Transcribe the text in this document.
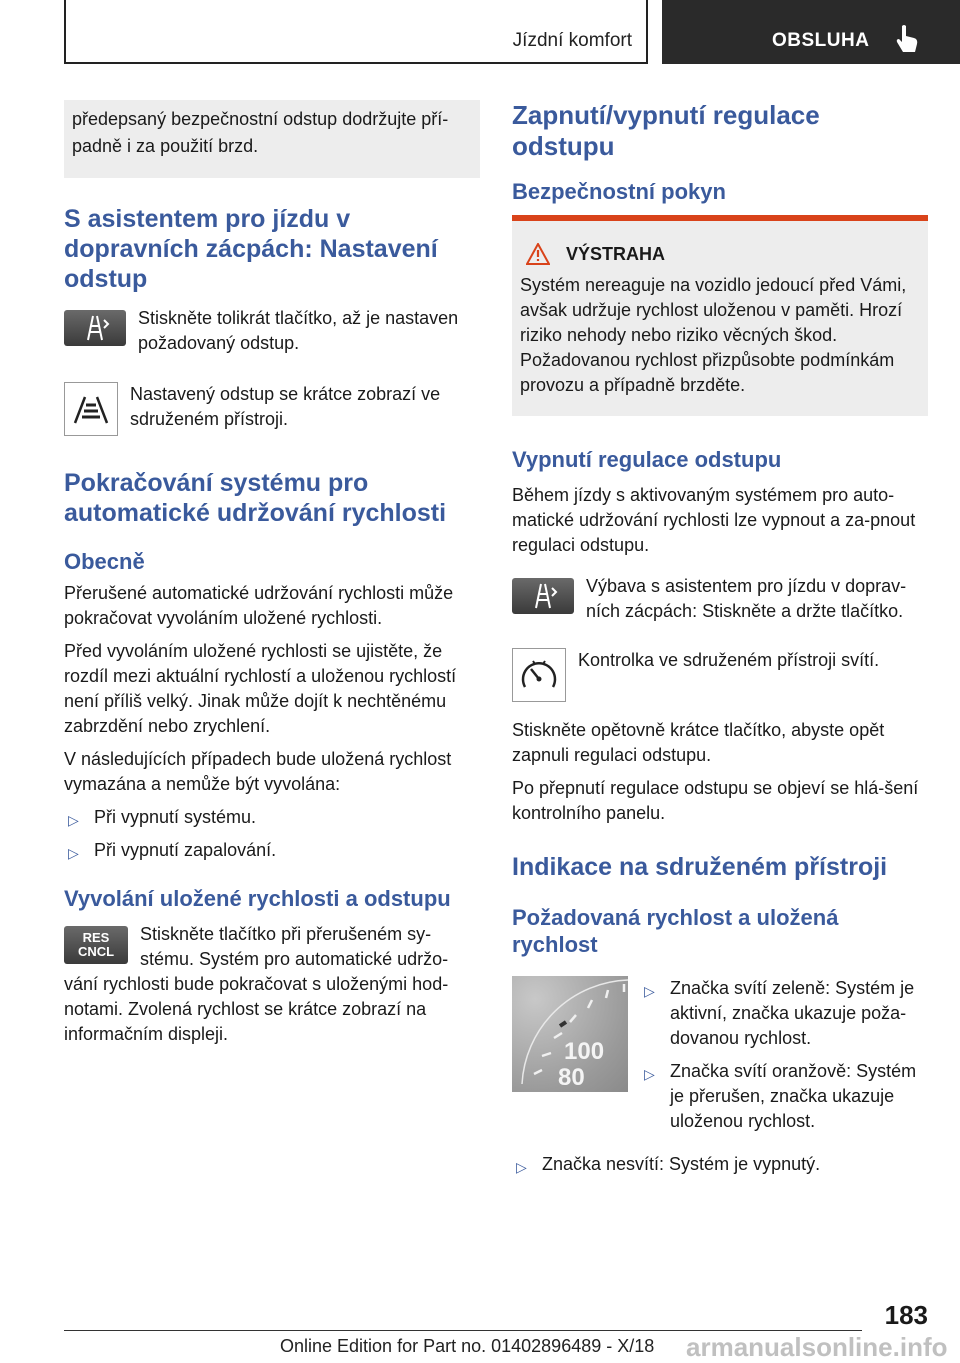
Jízdní komfort	OBSLUHA
předepsaný bezpečnostní odstup dodržujte pří-padně i za použití brzd.
S asistentem pro jízdu v dopravních zácpách: Nastavení odstup
Stiskněte tolikrát tlačítko, až je nastaven požadovaný odstup.
Nastavený odstup se krátce zobrazí ve sdruženém přístroji.
Pokračování systému pro automatické udržování rychlosti
Obecně

Přerušené automatické udržování rychlosti může pokračovat vyvoláním uložené rychlosti.

Před vyvoláním uložené rychlosti se ujistěte, že rozdíl mezi aktuální rychlostí a uloženou rychlostí není příliš velký. Jinak může dojít k nechtěnému zabrzdění nebo zrychlení.

V následujících případech bude uložená rychlost vymazána a nemůže být vyvolána:

▷ Při vypnutí systému.
▷ Při vypnutí zapalování.
Vyvolání uložené rychlosti a odstupu
RES
CNCL
Stiskněte tlačítko při přerušeném sy-stému. Systém pro automatické udržo-vání rychlosti bude pokračovat s uloženými hod-notami. Zvolená rychlost se krátce zobrazí na informačním displeji.
Zapnutí/vypnutí regulace odstupu
Bezpečnostní pokyn
VÝSTRAHA
Systém nereaguje na vozidlo jedoucí před Vámi, avšak udržuje rychlost uloženou v paměti. Hrozí riziko nehody nebo riziko věcných škod. Požadovanou rychlost přizpůsobte podmínkám provozu a případně brzděte.
Vypnutí regulace odstupu

Během jízdy s aktivovaným systémem pro auto-matické udržování rychlosti lze vypnout a za-pnout regulaci odstupu.

Výbava s asistentem pro jízdu v doprav-ních zácpách: Stiskněte a držte tlačítko.
Kontrolka ve sdruženém přístroji svítí.

Stiskněte opětovně krátce tlačítko, abyste opět zapnuli regulaci odstupu.

Po přepnutí regulace odstupu se objeví se hlá-šení kontrolního panelu.

Indikace na sdruženém přístroji
Požadovaná rychlost a uložená rychlost
100
80
▷ Značka svítí zeleně: Systém je aktivní, značka ukazuje poža-dovanou rychlost.
▷ Značka svítí oranžově: Systém je přerušen, značka ukazuje uloženou rychlost.
▷ Značka nesvítí: Systém je vypnutý.
183
Online Edition for Part no. 01402896489 - X/18 armanualsonline.info
